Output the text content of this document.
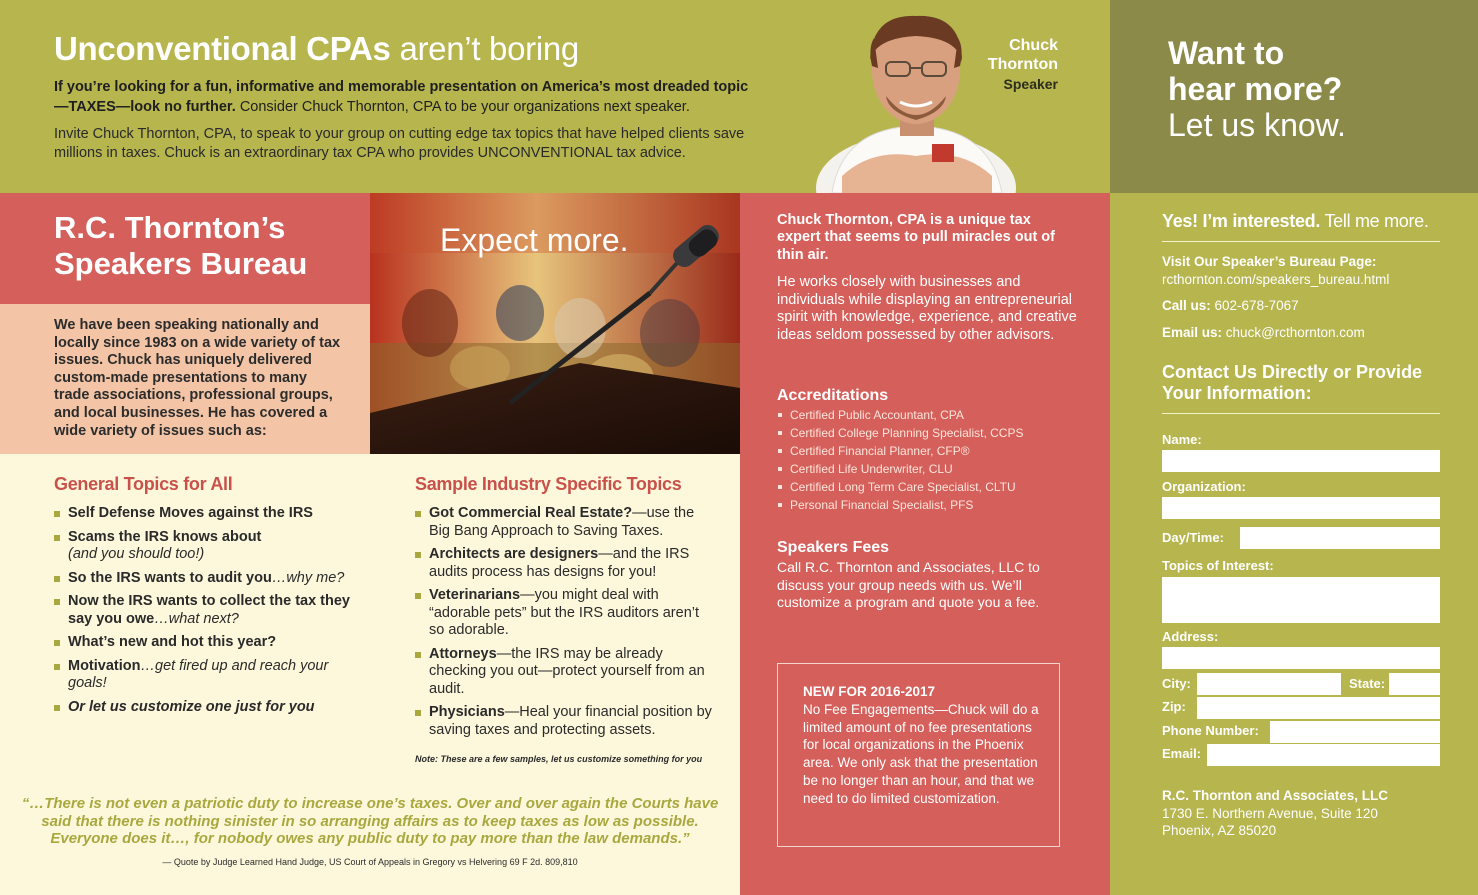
Unconventional CPAs aren’t boring
If you’re looking for a fun, informative and memorable presentation on America’s most dreaded topic—TAXES—look no further. Consider Chuck Thornton, CPA to be your organizations next speaker.
Invite Chuck Thornton, CPA, to speak to your group on cutting edge tax topics that have helped clients save millions in taxes. Chuck is an extraordinary tax CPA who provides UNCONVENTIONAL tax advice.
Chuck
Thornton
Speaker
Want to
hear more?
Let us know.
R.C. Thornton’s
Speakers Bureau
We have been speaking nationally and locally since 1983 on a wide variety of tax issues. Chuck has uniquely delivered custom-made presentations to many trade associations, professional groups, and local businesses. He has covered a wide variety of issues such as:
Expect more.
General Topics for All
Self Defense Moves against the IRS
Scams the IRS knows about
(and you should too!)
So the IRS wants to audit you…why me?
Now the IRS wants to collect the tax they say you owe…what next?
What’s new and hot this year?
Motivation…get fired up and reach your goals!
Or let us customize one just for you
Sample Industry Specific Topics
Got Commercial Real Estate?—use the Big Bang Approach to Saving Taxes.
Architects are designers—and the IRS audits process has designs for you!
Veterinarians—you might deal with “adorable pets” but the IRS auditors aren’t so adorable.
Attorneys—the IRS may be already checking you out—protect yourself from an audit.
Physicians—Heal your financial position by saving taxes and protecting assets.
Note: These are a few samples, let us customize something for you
“…There is not even a patriotic duty to increase one’s taxes. Over and over again the Courts have said that there is nothing sinister in so arranging affairs as to keep taxes as low as possible. Everyone does it…, for nobody owes any public duty to pay more than the law demands.”
— Quote by Judge Learned Hand Judge, US Court of Appeals in Gregory vs Helvering 69 F 2d. 809,810
Chuck Thornton, CPA is a unique tax expert that seems to pull miracles out of thin air.
He works closely with businesses and individuals while displaying an entrepreneurial spirit with knowledge, experience, and creative ideas seldom possessed by other advisors.
Accreditations
Certified Public Accountant, CPA
Certified College Planning Specialist, CCPS
Certified Financial Planner, CFP®
Certified Life Underwriter, CLU
Certified Long Term Care Specialist, CLTU
Personal Financial Specialist, PFS
Speakers Fees
Call R.C. Thornton and Associates, LLC to discuss your group needs with us. We’ll customize a program and quote you a fee.
NEW FOR 2016-2017
No Fee Engagements—Chuck will do a limited amount of no fee presentations for local organizations in the Phoenix area. We only ask that the presentation be no longer than an hour, and that we need to do limited customization.
Yes! I’m interested. Tell me more.
Visit Our Speaker’s Bureau Page:
rcthornton.com/speakers_bureau.html
Call us: 602-678-7067
Email us: chuck@rcthornton.com
Contact Us Directly or Provide Your Information:
Name:
Organization:
Day/Time:
Topics of Interest:
Address:
City:	State:
Zip:
Phone Number:
Email:
R.C. Thornton and Associates, LLC
1730 E. Northern Avenue, Suite 120
Phoenix, AZ 85020
